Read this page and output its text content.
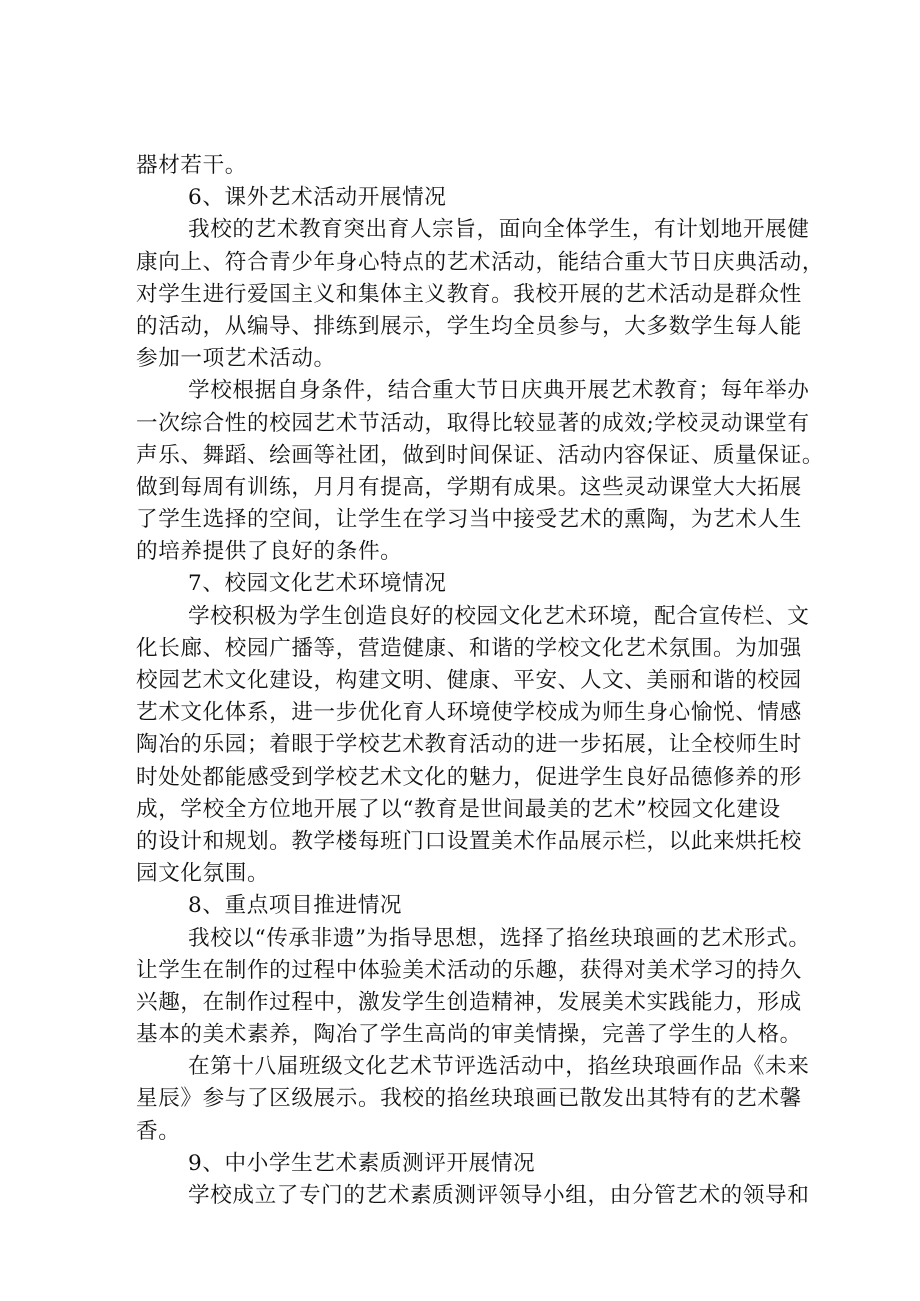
器材若干。
6、课外艺术活动开展情况
我校的艺术教育突出育人宗旨，面向全体学生，有计划地开展健
康向上、符合青少年身心特点的艺术活动，能结合重大节日庆典活动，
对学生进行爱国主义和集体主义教育。我校开展的艺术活动是群众性
的活动，从编导、排练到展示，学生均全员参与，大多数学生每人能
参加一项艺术活动。
学校根据自身条件，结合重大节日庆典开展艺术教育；每年举办
一次综合性的校园艺术节活动，取得比较显著的成效;学校灵动课堂有
声乐、舞蹈、绘画等社团，做到时间保证、活动内容保证、质量保证。
做到每周有训练，月月有提高，学期有成果。这些灵动课堂大大拓展
了学生选择的空间，让学生在学习当中接受艺术的熏陶，为艺术人生
的培养提供了良好的条件。
7、校园文化艺术环境情况
学校积极为学生创造良好的校园文化艺术环境，配合宣传栏、文
化长廊、校园广播等，营造健康、和谐的学校文化艺术氛围。为加强
校园艺术文化建设，构建文明、健康、平安、人文、美丽和谐的校园
艺术文化体系，进一步优化育人环境使学校成为师生身心愉悦、情感
陶冶的乐园；着眼于学校艺术教育活动的进一步拓展，让全校师生时
时处处都能感受到学校艺术文化的魅力，促进学生良好品德修养的形
成，学校全方位地开展了以“教育是世间最美的艺术”校园文化建设
的设计和规划。教学楼每班门口设置美术作品展示栏，以此来烘托校
园文化氛围。
8、重点项目推进情况
我校以“传承非遗”为指导思想，选择了掐丝玦琅画的艺术形式。
让学生在制作的过程中体验美术活动的乐趣，获得对美术学习的持久
兴趣，在制作过程中，激发学生创造精神，发展美术实践能力，形成
基本的美术素养，陶冶了学生高尚的审美情操，完善了学生的人格。
在第十八届班级文化艺术节评选活动中，掐丝玦琅画作品《未来
星辰》参与了区级展示。我校的掐丝玦琅画已散发出其特有的艺术馨
香。
9、中小学生艺术素质测评开展情况
学校成立了专门的艺术素质测评领导小组，由分管艺术的领导和
